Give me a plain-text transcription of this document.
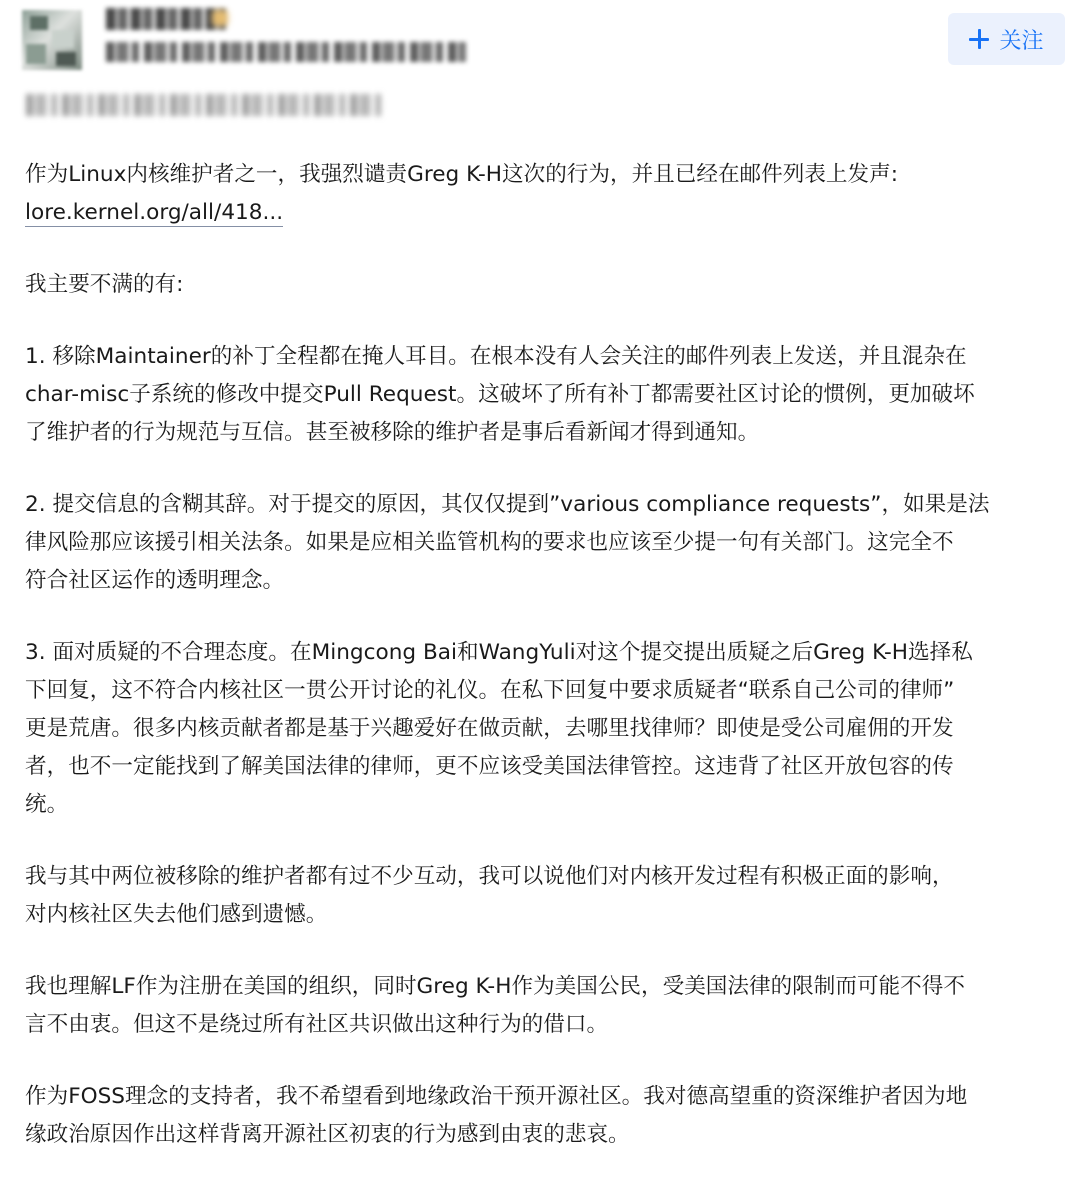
关注

作为Linux内核维护者之一，我强烈谴责Greg K-H这次的行为，并且已经在邮件列表上发声:
lore.kernel.org/all/418...

我主要不满的有:

1. 移除Maintainer的补丁全程都在掩人耳目。在根本没有人会关注的邮件列表上发送，并且混杂在
char-misc子系统的修改中提交Pull Request。这破坏了所有补丁都需要社区讨论的惯例，更加破坏
了维护者的行为规范与互信。甚至被移除的维护者是事后看新闻才得到通知。

2. 提交信息的含糊其辞。对于提交的原因，其仅仅提到”various compliance requests”，如果是法
律风险那应该援引相关法条。如果是应相关监管机构的要求也应该至少提一句有关部门。这完全不
符合社区运作的透明理念。

3. 面对质疑的不合理态度。在Mingcong Bai和WangYuli对这个提交提出质疑之后Greg K-H选择私
下回复，这不符合内核社区一贯公开讨论的礼仪。在私下回复中要求质疑者“联系自己公司的律师”
更是荒唐。很多内核贡献者都是基于兴趣爱好在做贡献，去哪里找律师？即使是受公司雇佣的开发
者，也不一定能找到了解美国法律的律师，更不应该受美国法律管控。这违背了社区开放包容的传
统。

我与其中两位被移除的维护者都有过不少互动，我可以说他们对内核开发过程有积极正面的影响，
对内核社区失去他们感到遗憾。

我也理解LF作为注册在美国的组织，同时Greg K-H作为美国公民，受美国法律的限制而可能不得不
言不由衷。但这不是绕过所有社区共识做出这种行为的借口。

作为FOSS理念的支持者，我不希望看到地缘政治干预开源社区。我对德高望重的资深维护者因为地
缘政治原因作出这样背离开源社区初衷的行为感到由衷的悲哀。
